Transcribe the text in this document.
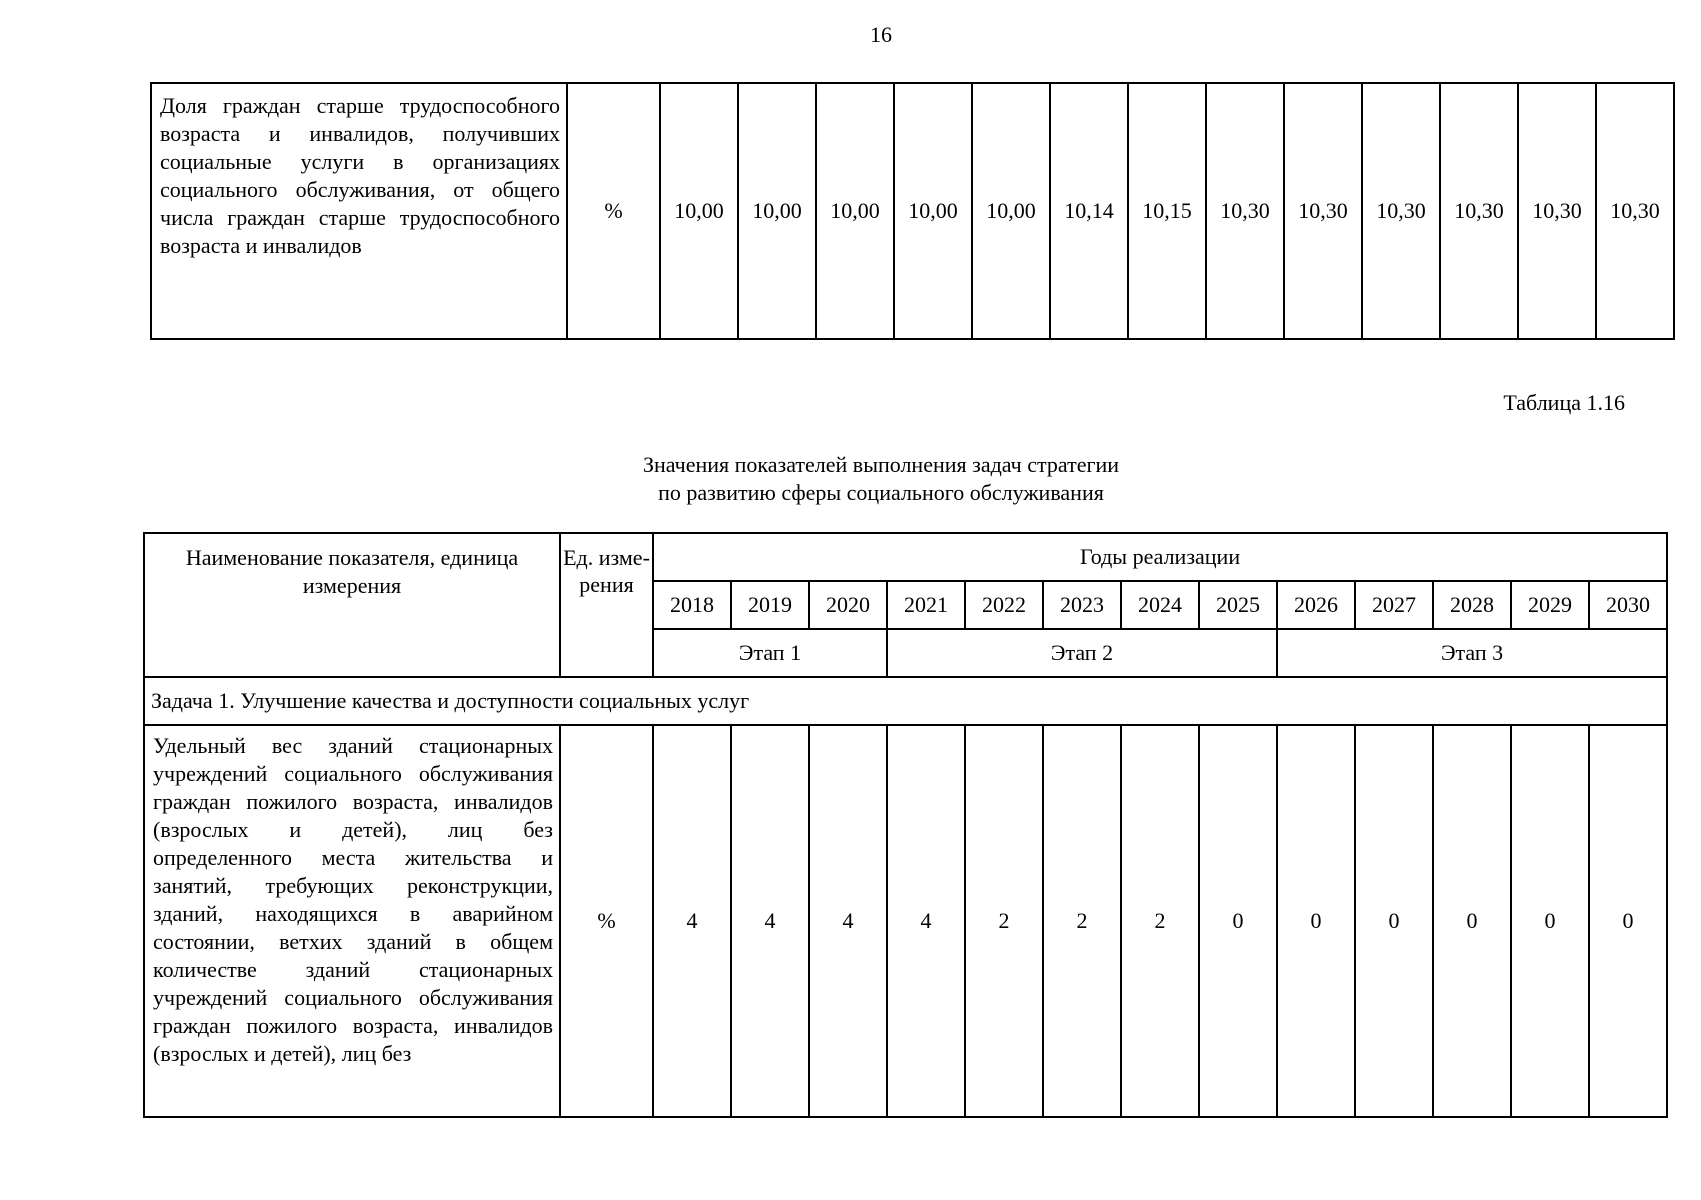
16
Доля граждан старше трудоспособного возраста и инвалидов, получивших социальные услуги в организациях социального обслуживания, от общего числа граждан старше трудоспособного возраста и инвалидов	%	10,00	10,00	10,00	10,00	10,00	10,14	10,15	10,30	10,30	10,30	10,30	10,30	10,30
Таблица 1.16
Значения показателей выполнения задач стратегии
по развитию сферы социального обслуживания
Наименование показателя, единица измерения	Ед. изме- рения	Годы реализации												
		2018	2019	2020	2021	2022	2023	2024	2025	2026	2027	2028	2029	2030
		Этап 1			Этап 2					Этап 3				
Задача 1. Улучшение качества и доступности социальных услуг														
Удельный вес зданий стационарных учреждений социального обслуживания граждан пожилого возраста, инвалидов (взрослых и детей), лиц без определенного места жительства и занятий, требующих реконструкции, зданий, находящихся в аварийном состоянии, ветхих зданий в общем количестве зданий стационарных учреждений социального обслуживания граждан пожилого возраста, инвалидов (взрослых и детей), лиц без	%	4	4	4	4	2	2	2	0	0	0	0	0	0
